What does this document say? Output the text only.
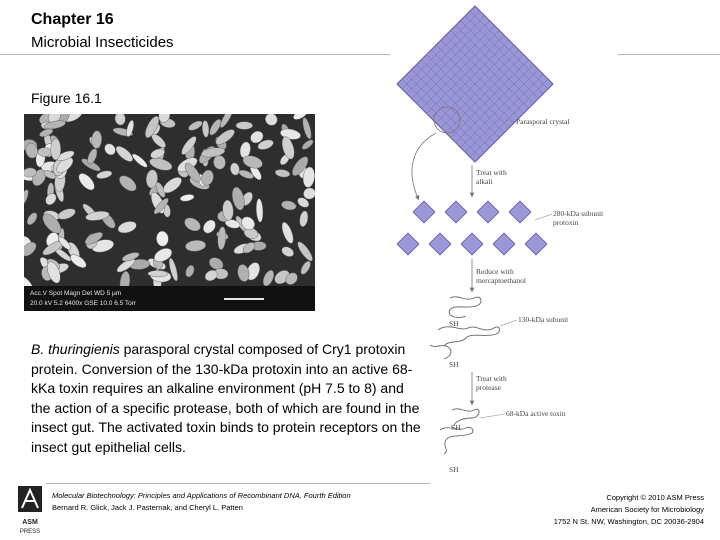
Chapter 16
Microbial Insecticides
Figure 16.1
Acc.V Spot Magn Det WD 5 μm
20.0 kV 5.2 6400x GSE 10.0 6.5 Torr
B. thuringienis parasporal crystal composed of Cry1 protoxin protein. Conversion of the 130-kDa protoxin into an active 68-kKa toxin requires an alkaline environment (pH 7.5 to 8) and the action of a specific protease, both of which are found in the insect gut. The activated toxin binds to protein receptors on the insect gut epithelial cells.
Parasporal crystal
Treat with
alkali
280-kDa subunit
protoxin
Reduce with
mercaptoethanol
130-kDa subunit
SH
SH
Treat with
protease
68-kDa active toxin
SH
SH
ASM
PRESS
Molecular Biotechnology: Principles and Applications of Recombinant DNA, Fourth Edition
Bernard R. Glick, Jack J. Pasternak, and Cheryl L. Patten
Copyright © 2010 ASM Press
American Society for Microbiology
1752 N St. NW, Washington, DC 20036-2904
